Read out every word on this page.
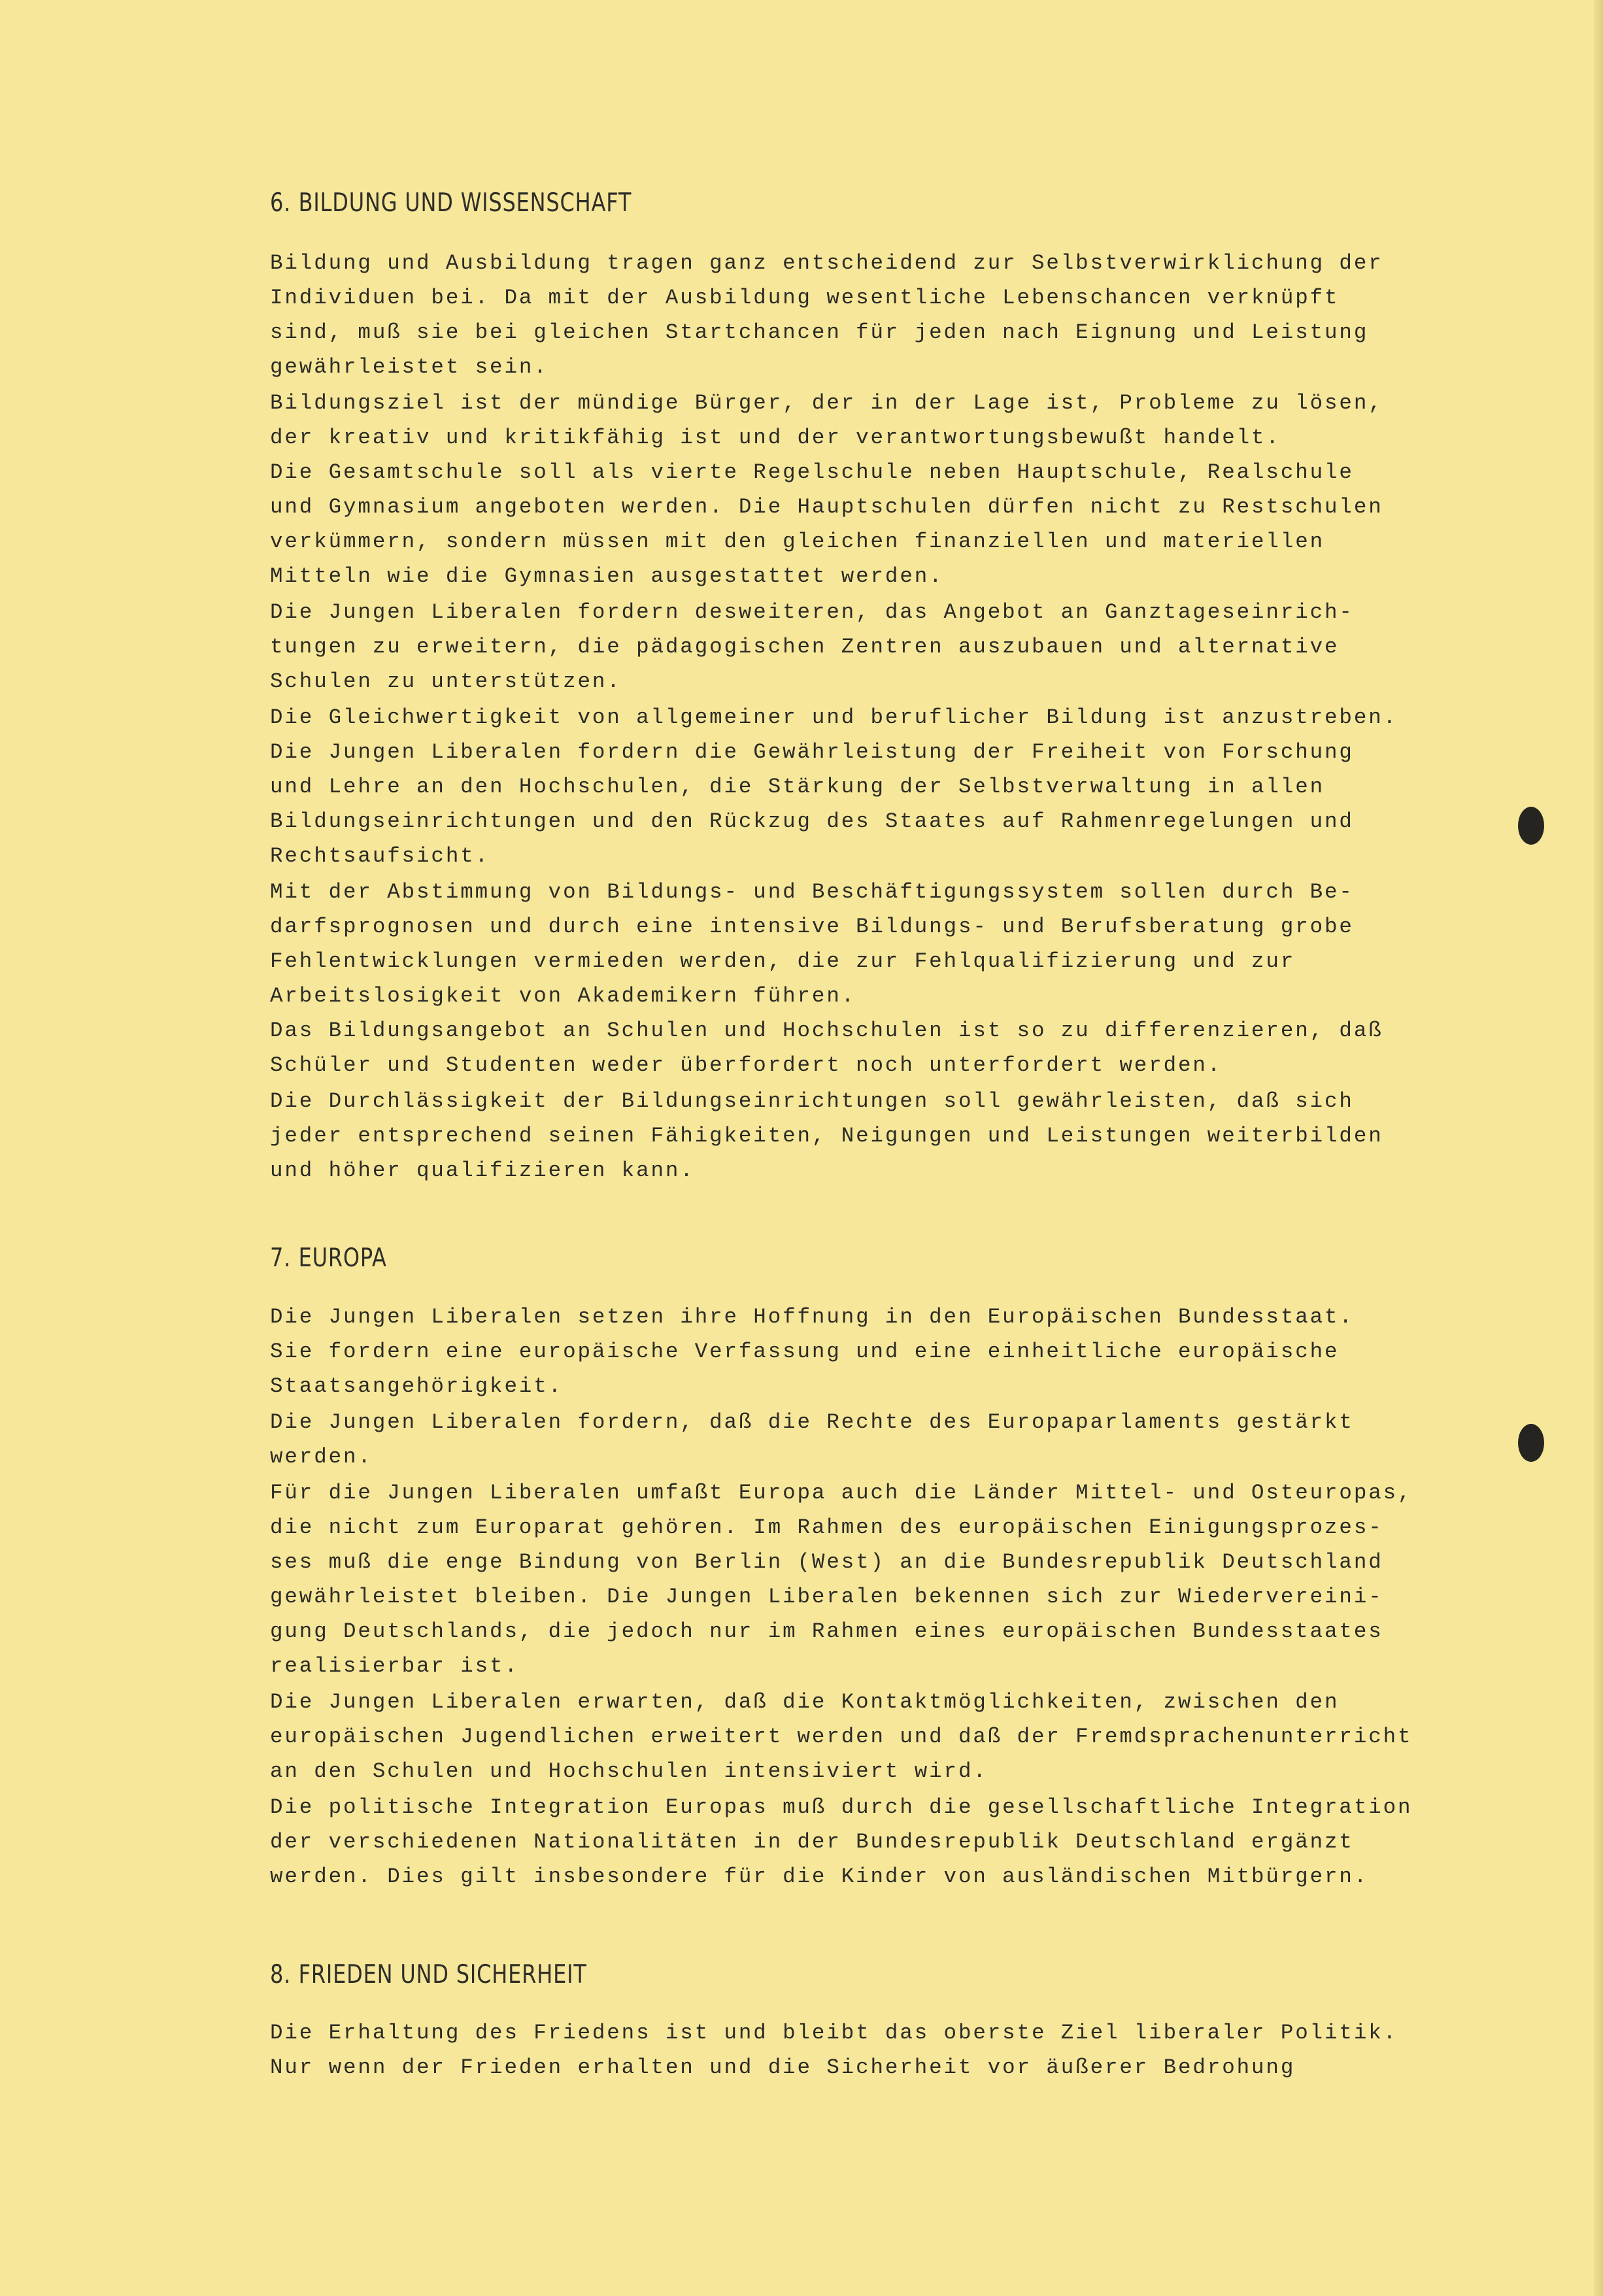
6. BILDUNG UND WISSENSCHAFT

Bildung und Ausbildung tragen ganz entscheidend zur Selbstverwirklichung der
Individuen bei. Da mit der Ausbildung wesentliche Lebenschancen verknüpft
sind, muß sie bei gleichen Startchancen für jeden nach Eignung und Leistung
gewährleistet sein.

Bildungsziel ist der mündige Bürger, der in der Lage ist, Probleme zu lösen,
der kreativ und kritikfähig ist und der verantwortungsbewußt handelt.

Die Gesamtschule soll als vierte Regelschule neben Hauptschule, Realschule
und Gymnasium angeboten werden. Die Hauptschulen dürfen nicht zu Restschulen
verkümmern, sondern müssen mit den gleichen finanziellen und materiellen
Mitteln wie die Gymnasien ausgestattet werden.

Die Jungen Liberalen fordern desweiteren, das Angebot an Ganztageseinrich-
tungen zu erweitern, die pädagogischen Zentren auszubauen und alternative
Schulen zu unterstützen.

Die Gleichwertigkeit von allgemeiner und beruflicher Bildung ist anzustreben.

Die Jungen Liberalen fordern die Gewährleistung der Freiheit von Forschung
und Lehre an den Hochschulen, die Stärkung der Selbstverwaltung in allen
Bildungseinrichtungen und den Rückzug des Staates auf Rahmenregelungen und
Rechtsaufsicht.

Mit der Abstimmung von Bildungs- und Beschäftigungssystem sollen durch Be-
darfsprognosen und durch eine intensive Bildungs- und Berufsberatung grobe
Fehlentwicklungen vermieden werden, die zur Fehlqualifizierung und zur
Arbeitslosigkeit von Akademikern führen.

Das Bildungsangebot an Schulen und Hochschulen ist so zu differenzieren, daß
Schüler und Studenten weder überfordert noch unterfordert werden.

Die Durchlässigkeit der Bildungseinrichtungen soll gewährleisten, daß sich
jeder entsprechend seinen Fähigkeiten, Neigungen und Leistungen weiterbilden
und höher qualifizieren kann.

7. EUROPA

Die Jungen Liberalen setzen ihre Hoffnung in den Europäischen Bundesstaat.
Sie fordern eine europäische Verfassung und eine einheitliche europäische
Staatsangehörigkeit.

Die Jungen Liberalen fordern, daß die Rechte des Europaparlaments gestärkt
werden.

Für die Jungen Liberalen umfaßt Europa auch die Länder Mittel- und Osteuropas,
die nicht zum Europarat gehören. Im Rahmen des europäischen Einigungsprozes-
ses muß die enge Bindung von Berlin (West) an die Bundesrepublik Deutschland
gewährleistet bleiben. Die Jungen Liberalen bekennen sich zur Wiedervereini-
gung Deutschlands, die jedoch nur im Rahmen eines europäischen Bundesstaates
realisierbar ist.

Die Jungen Liberalen erwarten, daß die Kontaktmöglichkeiten, zwischen den
europäischen Jugendlichen erweitert werden und daß der Fremdsprachenunterricht
an den Schulen und Hochschulen intensiviert wird.

Die politische Integration Europas muß durch die gesellschaftliche Integration
der verschiedenen Nationalitäten in der Bundesrepublik Deutschland ergänzt
werden. Dies gilt insbesondere für die Kinder von ausländischen Mitbürgern.

8. FRIEDEN UND SICHERHEIT

Die Erhaltung des Friedens ist und bleibt das oberste Ziel liberaler Politik.
Nur wenn der Frieden erhalten und die Sicherheit vor äußerer Bedrohung
